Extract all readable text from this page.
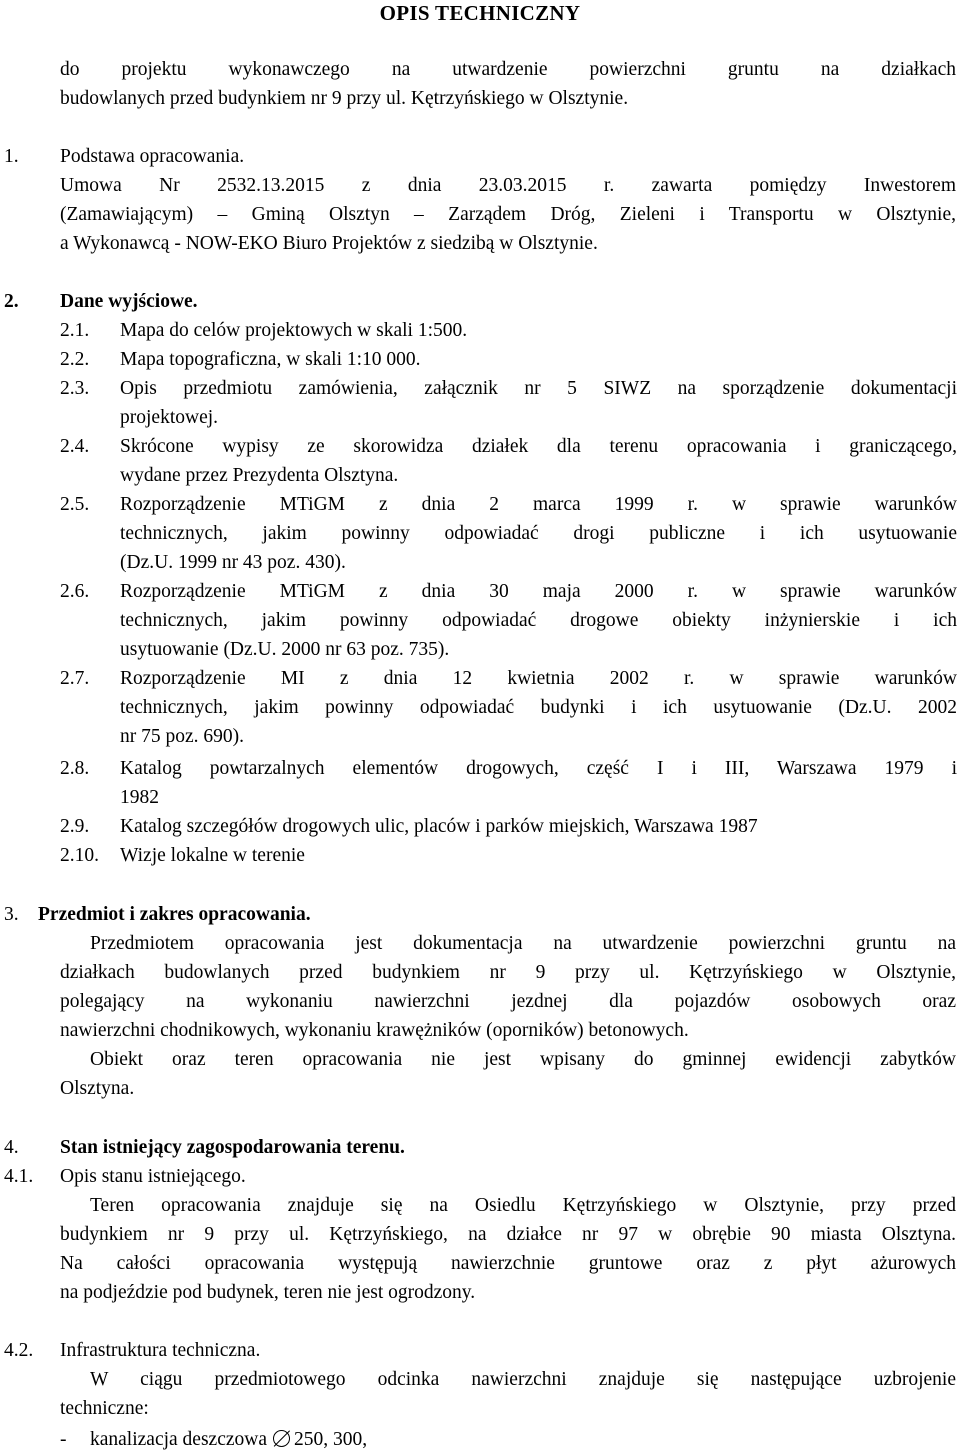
OPIS TECHNICZNY
do projektu wykonawczego na utwardzenie powierzchni gruntu na działkach
budowlanych przed budynkiem nr 9 przy ul. Kętrzyńskiego w Olsztynie.
1. Podstawa opracowania.
Umowa Nr 2532.13.2015 z dnia 23.03.2015 r. zawarta pomiędzy Inwestorem
(Zamawiającym) – Gminą Olsztyn – Zarządem Dróg, Zieleni i Transportu w Olsztynie,
a Wykonawcą - NOW-EKO Biuro Projektów z siedzibą w Olsztynie.
2. Dane wyjściowe.
2.1. Mapa do celów projektowych w skali 1:500.
2.2. Mapa topograficzna, w skali 1:10 000.
2.3. Opis przedmiotu zamówienia, załącznik nr 5 SIWZ na sporządzenie dokumentacji
projektowej.
2.4. Skrócone wypisy ze skorowidza działek dla terenu opracowania i graniczącego,
wydane przez Prezydenta Olsztyna.
2.5. Rozporządzenie MTiGM z dnia 2 marca 1999 r. w sprawie warunków
technicznych, jakim powinny odpowiadać drogi publiczne i ich usytuowanie
(Dz.U. 1999 nr 43 poz. 430).
2.6. Rozporządzenie MTiGM z dnia 30 maja 2000 r. w sprawie warunków
technicznych, jakim powinny odpowiadać drogowe obiekty inżynierskie i ich
usytuowanie (Dz.U. 2000 nr 63 poz. 735).
2.7. Rozporządzenie MI z dnia 12 kwietnia 2002 r. w sprawie warunków
technicznych, jakim powinny odpowiadać budynki i ich usytuowanie (Dz.U. 2002
nr 75 poz. 690).
2.8. Katalog powtarzalnych elementów drogowych, część I i III, Warszawa 1979 i
1982
2.9. Katalog szczegółów drogowych ulic, placów i parków miejskich, Warszawa 1987
2.10. Wizje lokalne w terenie
3. Przedmiot i zakres opracowania.
Przedmiotem opracowania jest dokumentacja na utwardzenie powierzchni gruntu na
działkach budowlanych przed budynkiem nr 9 przy ul. Kętrzyńskiego w Olsztynie,
polegający na wykonaniu nawierzchni jezdnej dla pojazdów osobowych oraz
nawierzchni chodnikowych, wykonaniu krawężników (oporników) betonowych.
Obiekt oraz teren opracowania nie jest wpisany do gminnej ewidencji zabytków
Olsztyna.
4. Stan istniejący zagospodarowania terenu.
4.1. Opis stanu istniejącego.
Teren opracowania znajduje się na Osiedlu Kętrzyńskiego w Olsztynie, przy przed
budynkiem nr 9 przy ul. Kętrzyńskiego, na działce nr 97 w obrębie 90 miasta Olsztyna.
Na całości opracowania występują nawierzchnie gruntowe oraz z płyt ażurowych
na podjeździe pod budynek, teren nie jest ogrodzony.
4.2. Infrastruktura techniczna.
W ciągu przedmiotowego odcinka nawierzchni znajduje się następujące uzbrojenie
techniczne:
- kanalizacja deszczowa 250, 300,
